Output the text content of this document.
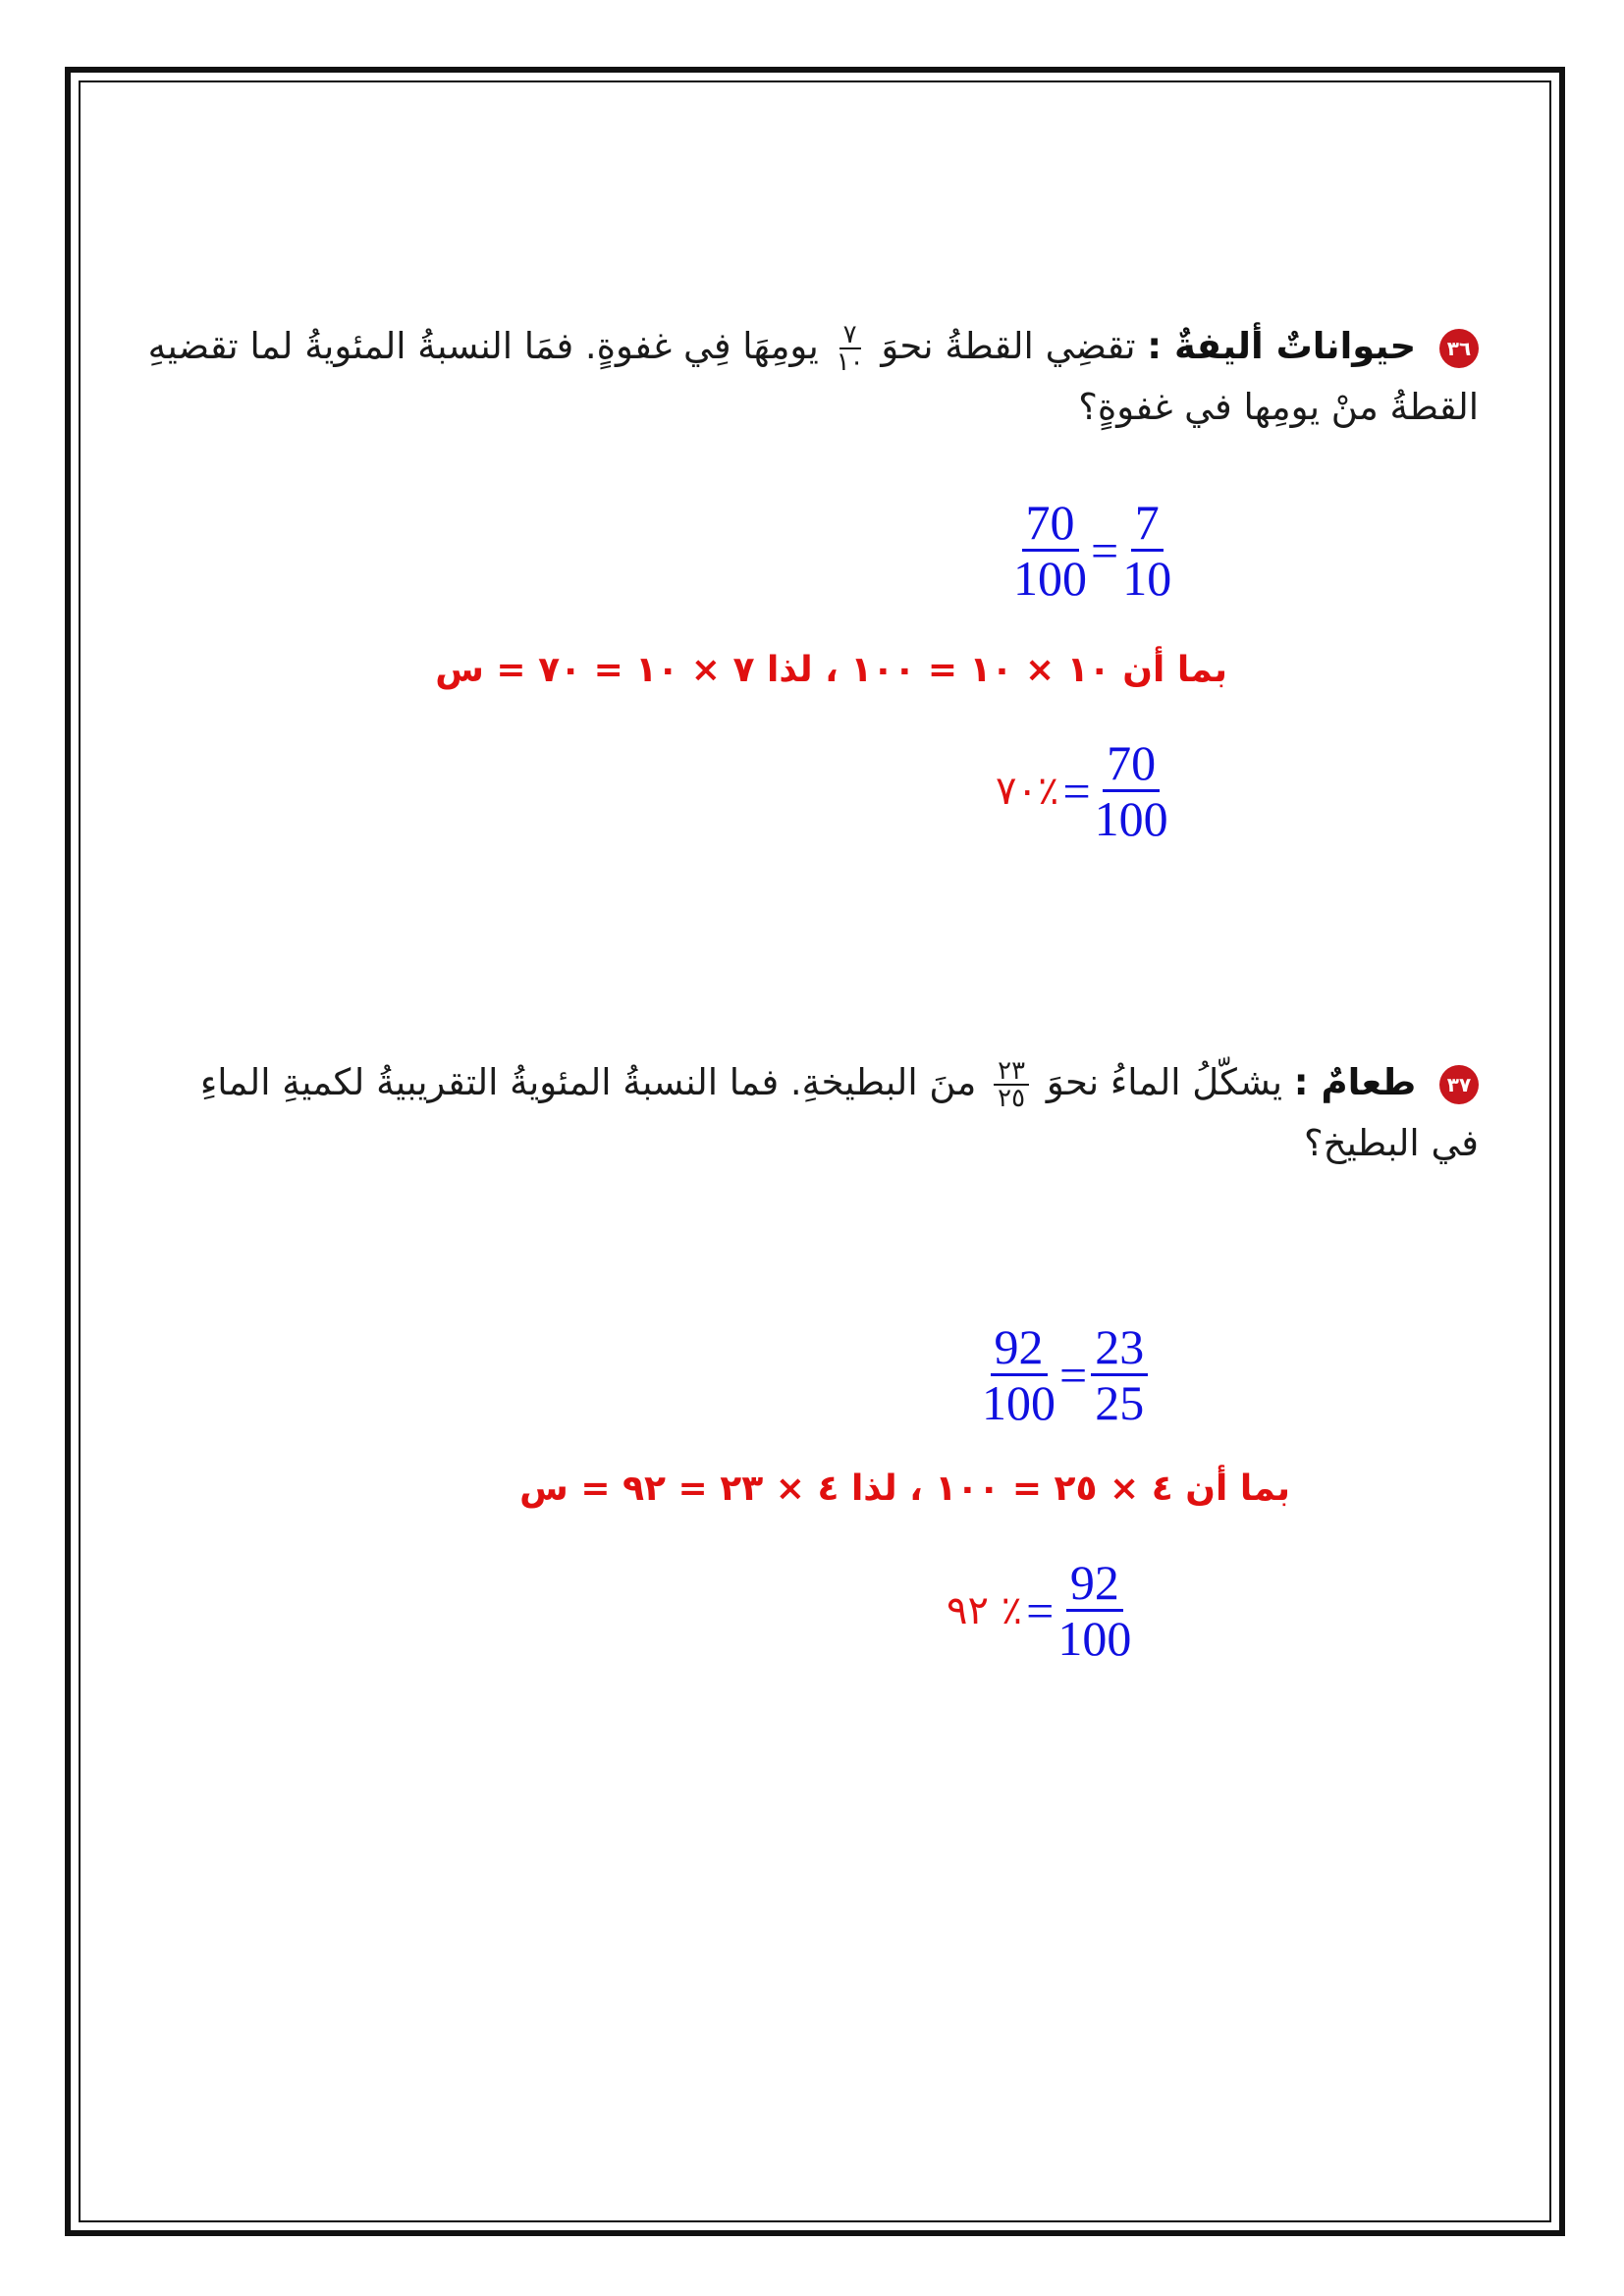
٣٦ حيواناتٌ أليفةٌ : تقضِي القطةُ نحوَ
٧
١٠
يومِهَا فِي غفوةٍ. فمَا النسبةُ المئويةُ لما تقضيهِ القطةُ منْ يومِها في غفوةٍ؟
$\frac{70}{100} = \frac{7}{10}$
بما أن ١٠ × ١٠ = ١٠٠ ، لذا ٧ × ١٠ = ٧٠ = س
٧٠٪ = $\frac{70}{100}$
٣٧ طعامٌ : يشكّلُ الماءُ نحوَ
٢٣
٢٥
منَ البطيخةِ. فما النسبةُ المئويةُ التقريبيةُ لكميةِ الماءِ في البطيخ؟
$\frac{92}{100} = \frac{23}{25}$
بما أن ٤ × ٢٥ = ١٠٠ ، لذا ٤ × ٢٣ = ٩٢ = س
٩٢ ٪ = $\frac{92}{100}$
